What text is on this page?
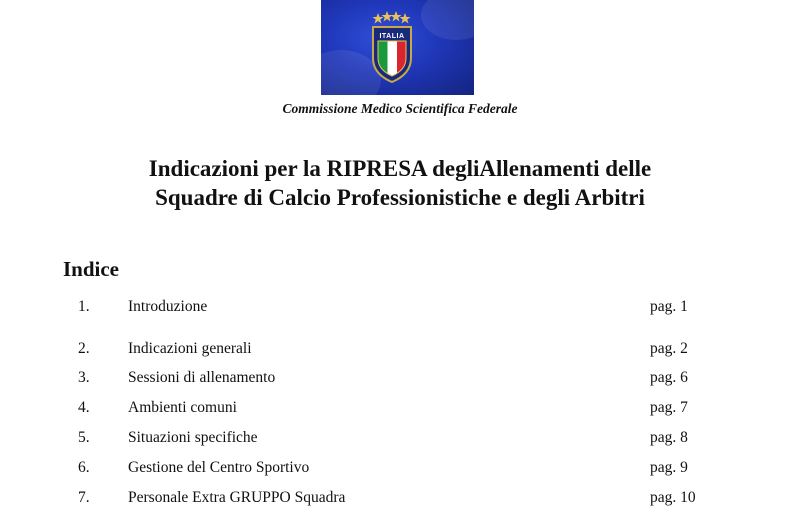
ITALIA
Commissione Medico Scientifica Federale
Indicazioni per la RIPRESA degliAllenamenti delle
Squadre di Calcio Professionistiche e degli Arbitri
Indice
1. Introduzione	pag. 1
2. Indicazioni generali	pag. 2
3. Sessioni di allenamento	pag. 6
4. Ambienti comuni	pag. 7
5. Situazioni specifiche	pag. 8
6. Gestione del Centro Sportivo	pag. 9
7. Personale Extra GRUPPO Squadra	pag. 10
